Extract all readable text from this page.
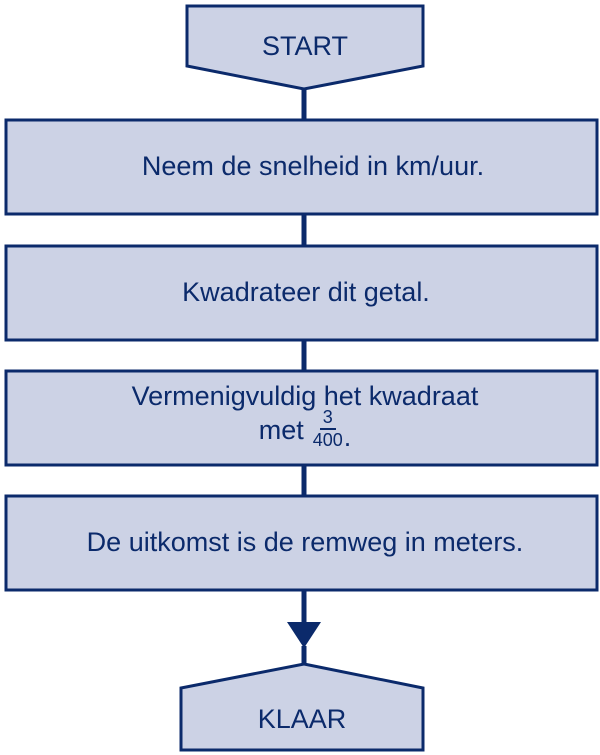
START
Neem de snelheid in km/uur.
Kwadrateer dit getal.
Vermenigvuldig het kwadraat
met $\frac{3}{400}$
.
De uitkomst is de remweg in meters.
KLAAR
